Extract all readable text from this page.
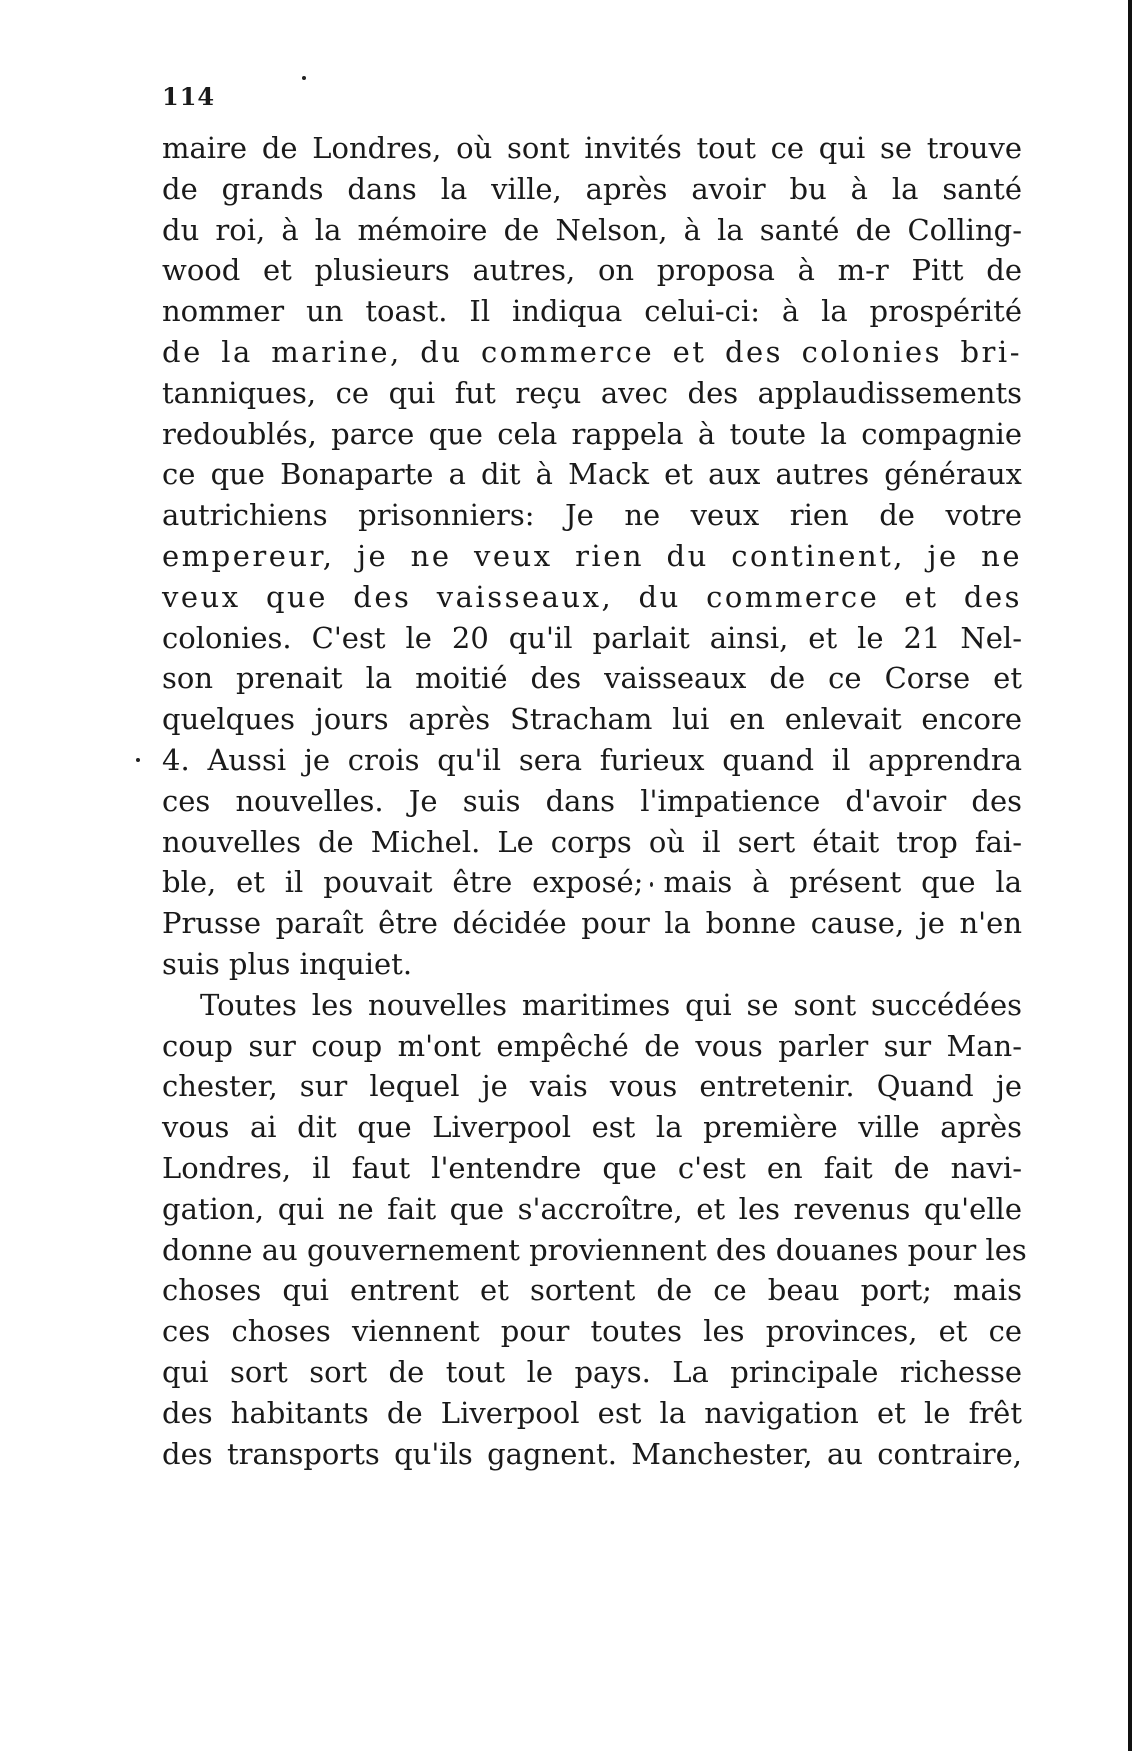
114
maire de Londres, où sont invités tout ce qui se trouve
de grands dans la ville, après avoir bu à la santé
du roi, à la mémoire de Nelson, à la santé de Colling-
wood et plusieurs autres, on proposa à m-r Pitt de
nommer un toast. Il indiqua celui-ci: à la prospérité
de la marine, du commerce et des colonies bri-
tanniques, ce qui fut reçu avec des applaudissements
redoublés, parce que cela rappela à toute la compagnie
ce que Bonaparte a dit à Mack et aux autres généraux
autrichiens prisonniers: Je ne veux rien de votre
empereur, je ne veux rien du continent, je ne
veux que des vaisseaux, du commerce et des
colonies. C'est le 20 qu'il parlait ainsi, et le 21 Nel-
son prenait la moitié des vaisseaux de ce Corse et
quelques jours après Stracham lui en enlevait encore
4. Aussi je crois qu'il sera furieux quand il apprendra
ces nouvelles. Je suis dans l'impatience d'avoir des
nouvelles de Michel. Le corps où il sert était trop fai-
ble, et il pouvait être exposé; mais à présent que la
Prusse paraît être décidée pour la bonne cause, je n'en
suis plus inquiet.
Toutes les nouvelles maritimes qui se sont succédées
coup sur coup m'ont empêché de vous parler sur Man-
chester, sur lequel je vais vous entretenir. Quand je
vous ai dit que Liverpool est la première ville après
Londres, il faut l'entendre que c'est en fait de navi-
gation, qui ne fait que s'accroître, et les revenus qu'elle
donne au gouvernement proviennent des douanes pour les
choses qui entrent et sortent de ce beau port; mais
ces choses viennent pour toutes les provinces, et ce
qui sort sort de tout le pays. La principale richesse
des habitants de Liverpool est la navigation et le frêt
des transports qu'ils gagnent. Manchester, au contraire,
